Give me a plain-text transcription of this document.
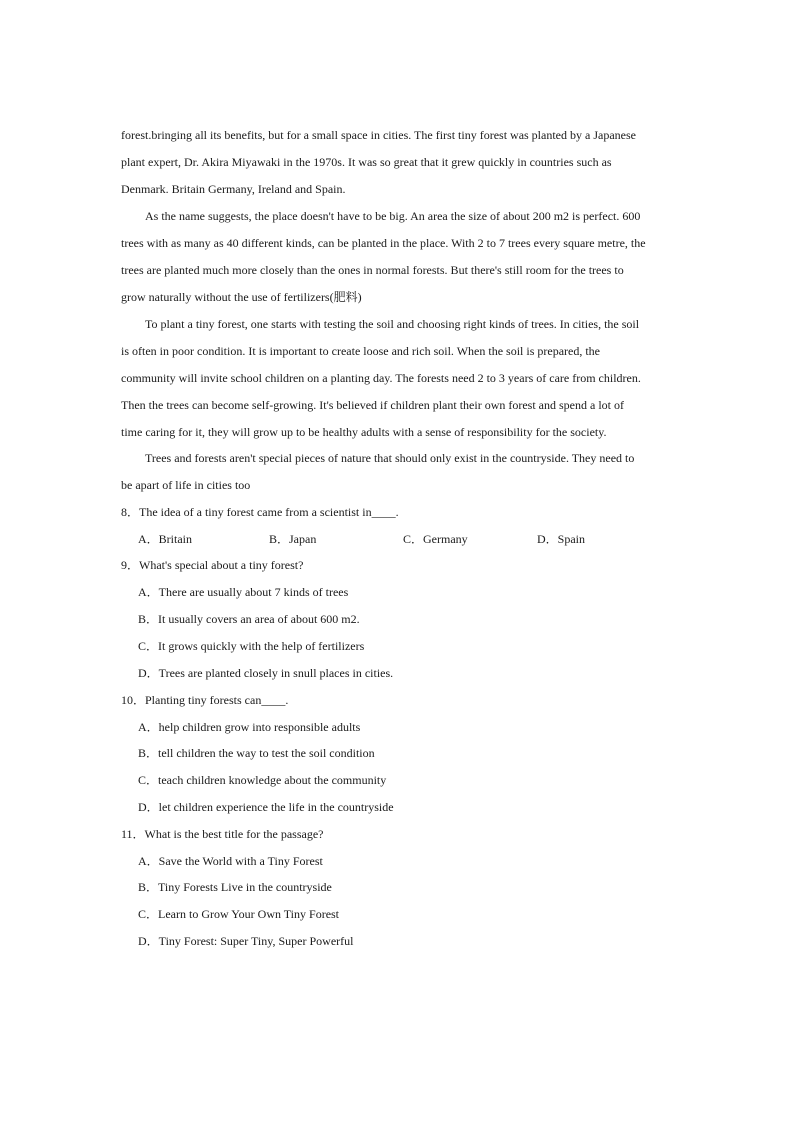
forest.bringing all its benefits, but for a small space in cities. The first tiny forest was planted by a Japanese
plant expert, Dr. Akira Miyawaki in the 1970s. It was so great that it grew quickly in countries such as
Denmark. Britain Germany, Ireland and Spain.
As the name suggests, the place doesn't have to be big. An area the size of about 200 m2 is perfect. 600
trees with as many as 40 different kinds, can be planted in the place. With 2 to 7 trees every square metre, the
trees are planted much more closely than the ones in normal forests. But there's still room for the trees to
grow naturally without the use of fertilizers(肥料)
To plant a tiny forest, one starts with testing the soil and choosing right kinds of trees. In cities, the soil
is often in poor condition. It is important to create loose and rich soil. When the soil is prepared, the
community will invite school children on a planting day. The forests need 2 to 3 years of care from children.
Then the trees can become self-growing. It's believed if children plant their own forest and spend a lot of
time caring for it, they will grow up to be healthy adults with a sense of responsibility for the society.
Trees and forests aren't special pieces of nature that should only exist in the countryside. They need to
be apart of life in cities too
8．The idea of a tiny forest came from a scientist in____.
A．Britain	B．Japan	C．Germany	D．Spain
9．What's special about a tiny forest?
A．There are usually about 7 kinds of trees
B．It usually covers an area of about 600 m2.
C．It grows quickly with the help of fertilizers
D．Trees are planted closely in snull places in cities.
10．Planting tiny forests can____.
A．help children grow into responsible adults
B．tell children the way to test the soil condition
C．teach children knowledge about the community
D．let children experience the life in the countryside
11．What is the best title for the passage?
A．Save the World with a Tiny Forest
B．Tiny Forests Live in the countryside
C．Learn to Grow Your Own Tiny Forest
D．Tiny Forest: Super Tiny, Super Powerful
